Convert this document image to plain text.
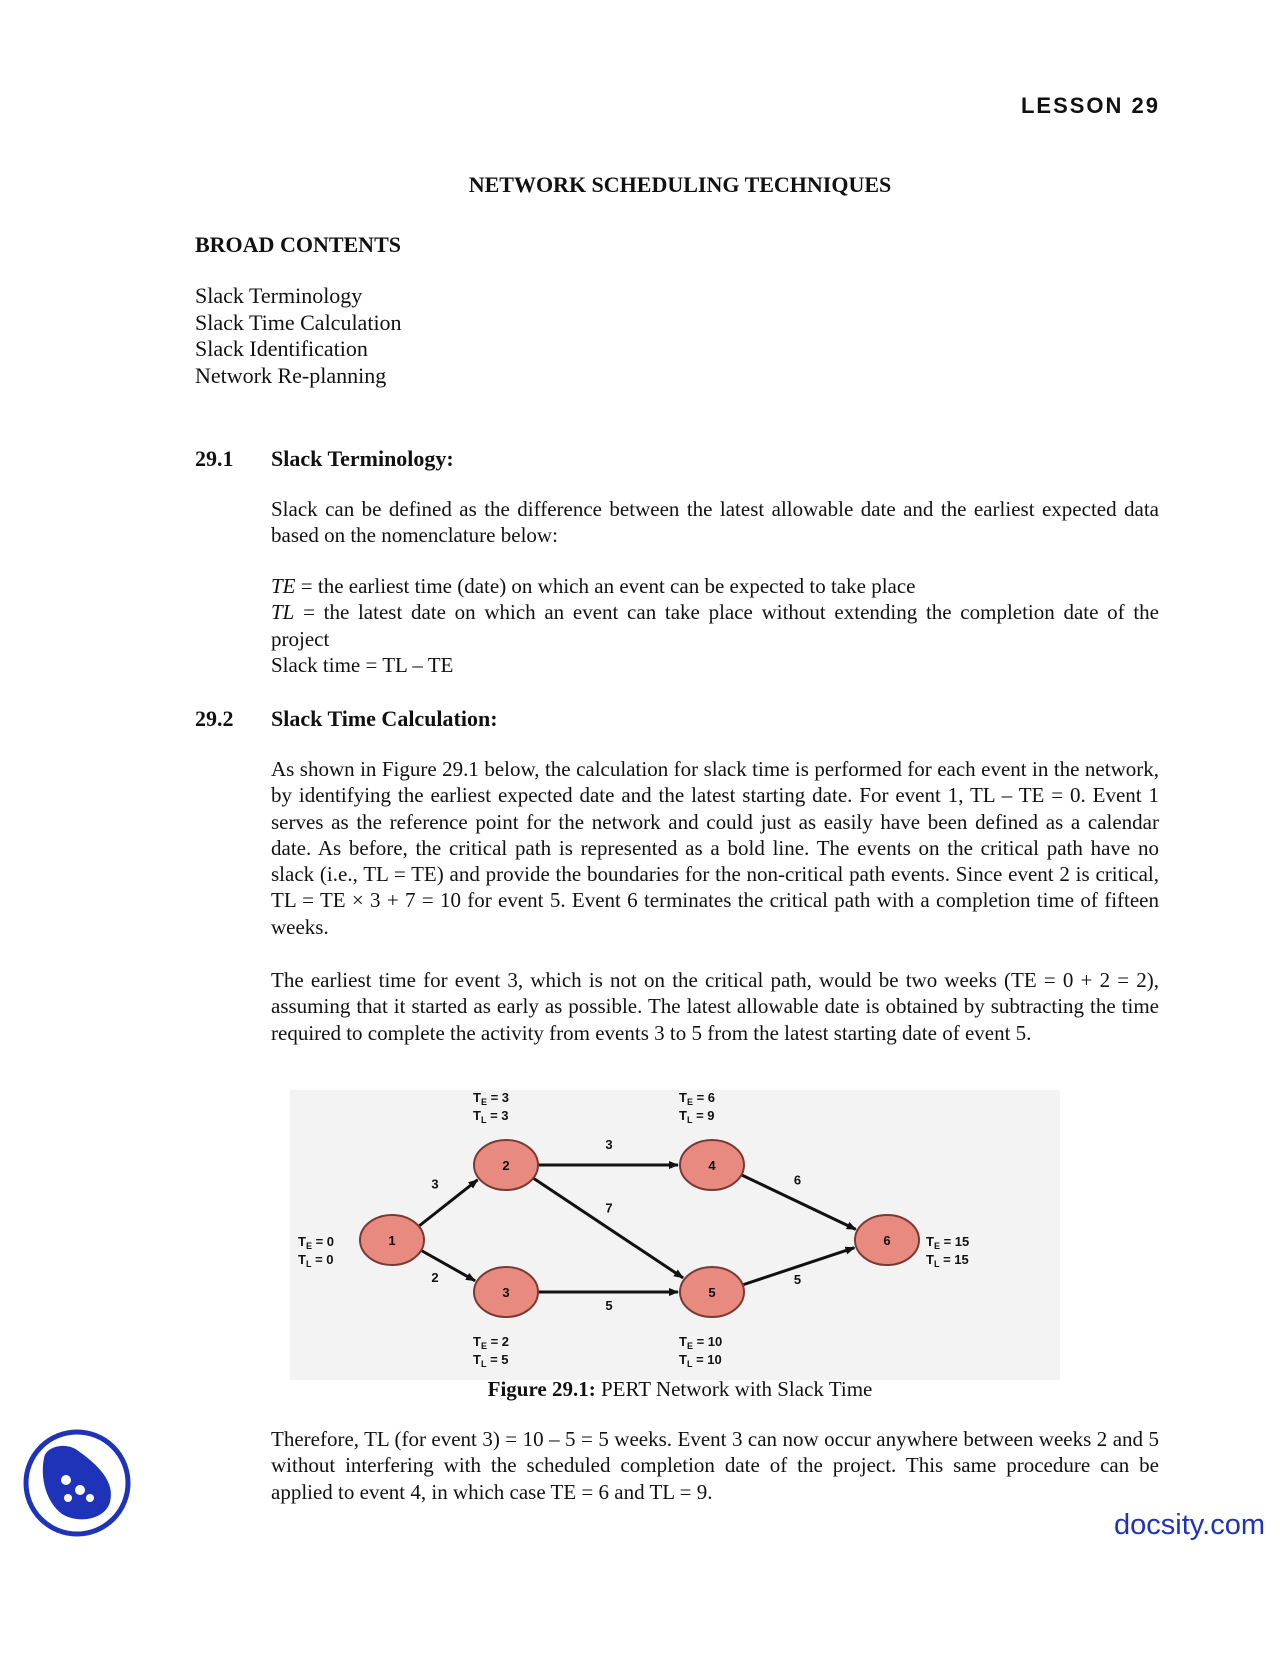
LESSON 29
NETWORK SCHEDULING TECHNIQUES
BROAD CONTENTS
Slack Terminology
Slack Time Calculation
Slack Identification
Network Re-planning
29.1 Slack Terminology:

Slack can be defined as the difference between the latest allowable date and the earliest expected data based on the nomenclature below:

TE = the earliest time (date) on which an event can be expected to take place

TL = the latest date on which an event can take place without extending the completion date of the project

Slack time = TL – TE

29.2 Slack Time Calculation:

As shown in Figure 29.1 below, the calculation for slack time is performed for each event in the network, by identifying the earliest expected date and the latest starting date. For event 1, TL – TE = 0. Event 1 serves as the reference point for the network and could just as easily have been defined as a calendar date. As before, the critical path is represented as a bold line. The events on the critical path have no slack (i.e., TL = TE) and provide the boundaries for the non-critical path events. Since event 2 is critical, TL = TE × 3 + 7 = 10 for event 5. Event 6 terminates the critical path with a completion time of fifteen weeks.

The earliest time for event 3, which is not on the critical path, would be two weeks (TE = 0 + 2 = 2), assuming that it started as early as possible. The latest allowable date is obtained by subtracting the time required to complete the activity from events 3 to 5 from the latest starting date of event 5.

3
2
3
7
5
6
5
1
2
3
4
5
6
$T_E = 0$
$T_L = 0$
$T_E = 3$
$T_L = 3$
$T_E = 2$
$T_L = 5$
$T_E = 6$
$T_L = 9$
$T_E = 10$
$T_L = 10$
$T_E = 15$
$T_L = 15$
Figure 29.1: PERT Network with Slack Time

Therefore, TL (for event 3) = 10 – 5 = 5 weeks. Event 3 can now occur anywhere between weeks 2 and 5 without interfering with the scheduled completion date of the project. This same procedure can be applied to event 4, in which case TE = 6 and TL = 9.

docsity.com
